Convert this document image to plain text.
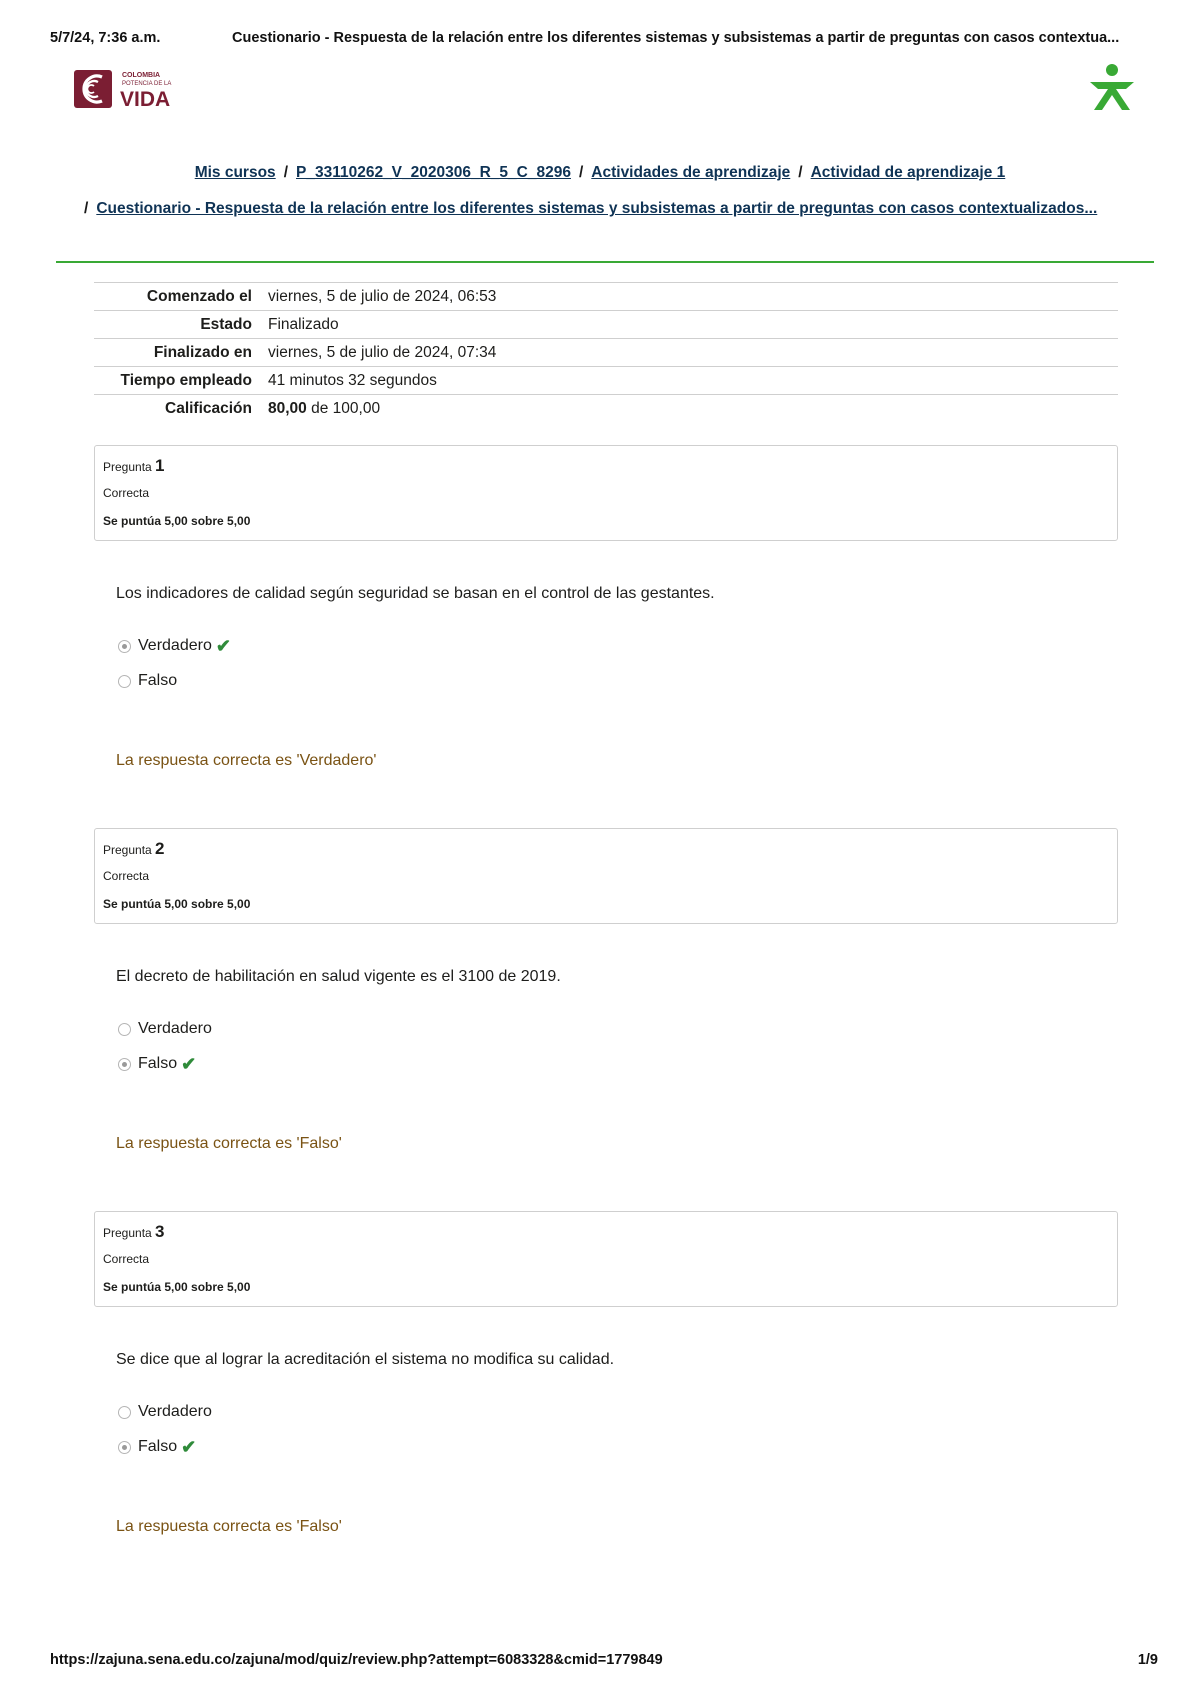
5/7/24, 7:36 a.m.	Cuestionario - Respuesta de la relación entre los diferentes sistemas y subsistemas a partir de preguntas con casos contextua...
COLOMBIA
POTENCIA DE LA
VIDA
Mis cursos / P_33110262_V_2020306_R_5_C_8296 / Actividades de aprendizaje / Actividad de aprendizaje 1
/ Cuestionario - Respuesta de la relación entre los diferentes sistemas y subsistemas a partir de preguntas con casos contextualizados...
Comenzado el	viernes, 5 de julio de 2024, 06:53
Estado	Finalizado
Finalizado en	viernes, 5 de julio de 2024, 07:34
Tiempo empleado	41 minutos 32 segundos
Calificación	80,00 de 100,00
Pregunta 1
Correcta
Se puntúa 5,00 sobre 5,00
Los indicadores de calidad según seguridad se basan en el control de las gestantes.
Verdadero ✔
Falso
La respuesta correcta es 'Verdadero'
Pregunta 2
Correcta
Se puntúa 5,00 sobre 5,00
El decreto de habilitación en salud vigente es el 3100 de 2019.
Verdadero
Falso ✔
La respuesta correcta es 'Falso'
Pregunta 3
Correcta
Se puntúa 5,00 sobre 5,00
Se dice que al lograr la acreditación el sistema no modifica su calidad.
Verdadero
Falso ✔
La respuesta correcta es 'Falso'
https://zajuna.sena.edu.co/zajuna/mod/quiz/review.php?attempt=6083328&cmid=1779849	1/9
